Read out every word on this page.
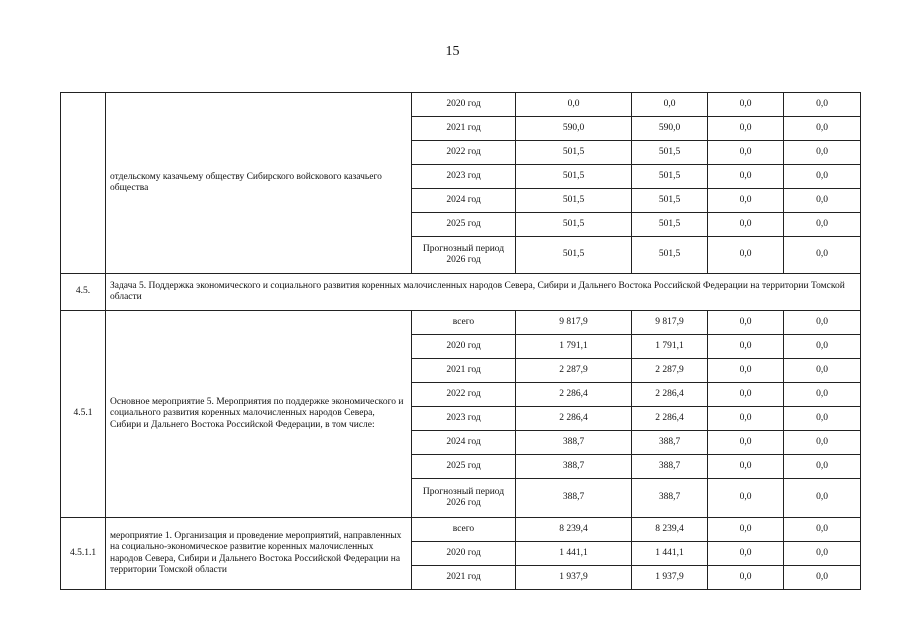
15
	отдельскому казачьему обществу Сибирского войскового казачьего общества	2020 год	0,0	0,0	0,0	0,0
		2021 год	590,0	590,0	0,0	0,0
		2022 год	501,5	501,5	0,0	0,0
		2023 год	501,5	501,5	0,0	0,0
		2024 год	501,5	501,5	0,0	0,0
		2025 год	501,5	501,5	0,0	0,0
		Прогнозный период 2026 год	501,5	501,5	0,0	0,0
4.5.	Задача 5. Поддержка экономического и социального развития коренных малочисленных народов Севера, Сибири и Дальнего Востока Российской Федерации на территории Томской области					
4.5.1	Основное мероприятие 5. Мероприятия по поддержке экономического и социального развития коренных малочисленных народов Севера, Сибири и Дальнего Востока Российской Федерации, в том числе:	всего	9 817,9	9 817,9	0,0	0,0
		2020 год	1 791,1	1 791,1	0,0	0,0
		2021 год	2 287,9	2 287,9	0,0	0,0
		2022 год	2 286,4	2 286,4	0,0	0,0
		2023 год	2 286,4	2 286,4	0,0	0,0
		2024 год	388,7	388,7	0,0	0,0
		2025 год	388,7	388,7	0,0	0,0
		Прогнозный период 2026 год	388,7	388,7	0,0	0,0
4.5.1.1	мероприятие 1. Организация и проведение мероприятий, направленных на социально-экономическое развитие коренных малочисленных народов Севера, Сибири и Дальнего Востока Российской Федерации на территории Томской области	всего	8 239,4	8 239,4	0,0	0,0
		2020 год	1 441,1	1 441,1	0,0	0,0
		2021 год	1 937,9	1 937,9	0,0	0,0
